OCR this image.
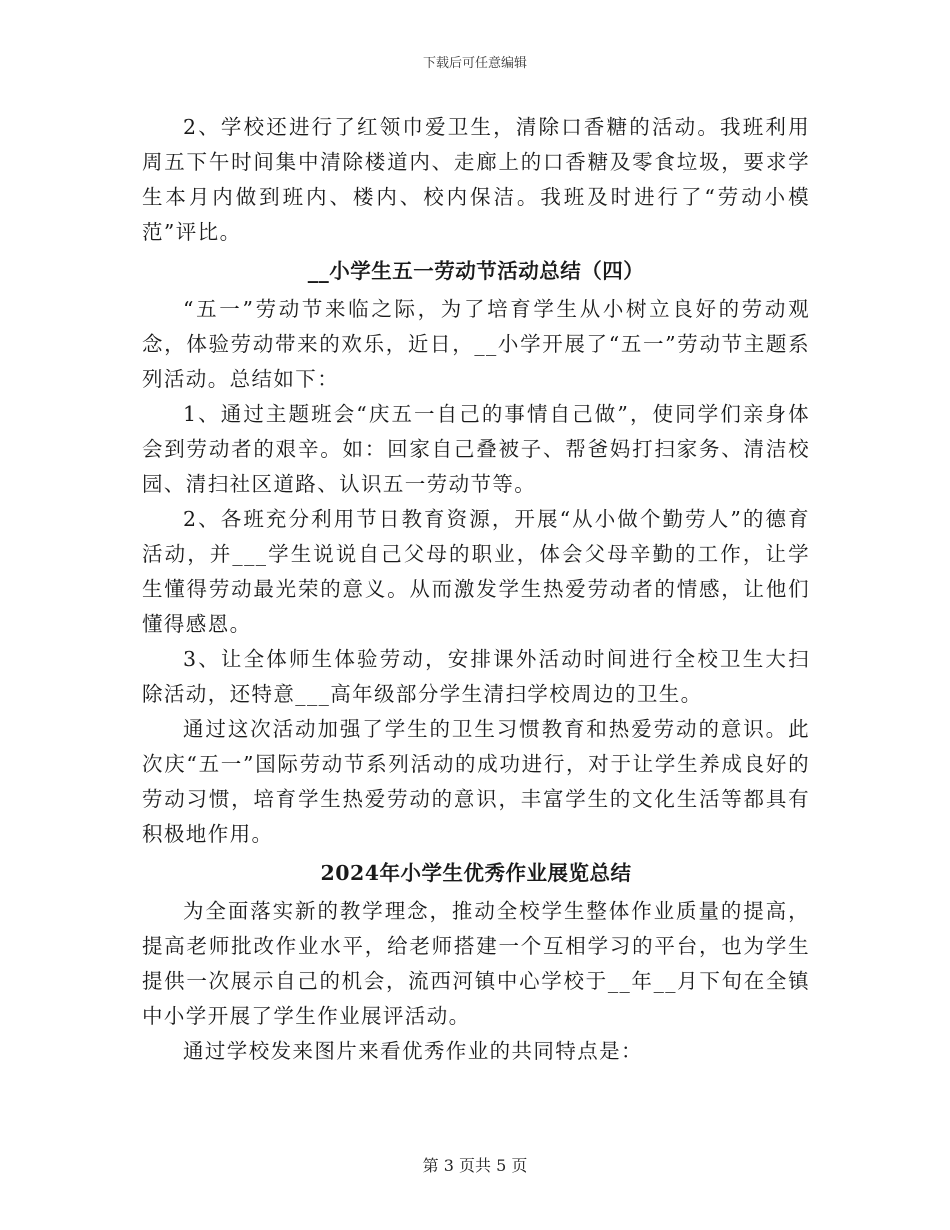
下载后可任意编辑

2、学校还进行了红领巾爱卫生，清除口香糖的活动。我班利用周五下午时间集中清除楼道内、走廊上的口香糖及零食垃圾，要求学生本月内做到班内、楼内、校内保洁。我班及时进行了“劳动小模范”评比。

__小学生五一劳动节活动总结（四）

“五一”劳动节来临之际，为了培育学生从小树立良好的劳动观念，体验劳动带来的欢乐，近日，__小学开展了“五一”劳动节主题系列活动。总结如下：

1、通过主题班会“庆五一自己的事情自己做”，使同学们亲身体会到劳动者的艰辛。如：回家自己叠被子、帮爸妈打扫家务、清洁校园、清扫社区道路、认识五一劳动节等。

2、各班充分利用节日教育资源，开展“从小做个勤劳人”的德育活动，并___学生说说自己父母的职业，体会父母辛勤的工作，让学生懂得劳动最光荣的意义。从而激发学生热爱劳动者的情感，让他们懂得感恩。

3、让全体师生体验劳动，安排课外活动时间进行全校卫生大扫除活动，还特意___高年级部分学生清扫学校周边的卫生。

通过这次活动加强了学生的卫生习惯教育和热爱劳动的意识。此次庆“五一”国际劳动节系列活动的成功进行，对于让学生养成良好的劳动习惯，培育学生热爱劳动的意识，丰富学生的文化生活等都具有积极地作用。

2024年小学生优秀作业展览总结

为全面落实新的教学理念，推动全校学生整体作业质量的提高，提高老师批改作业水平，给老师搭建一个互相学习的平台，也为学生提供一次展示自己的机会，流西河镇中心学校于__年__月下旬在全镇中小学开展了学生作业展评活动。

通过学校发来图片来看优秀作业的共同特点是：

第 3 页共 5 页
